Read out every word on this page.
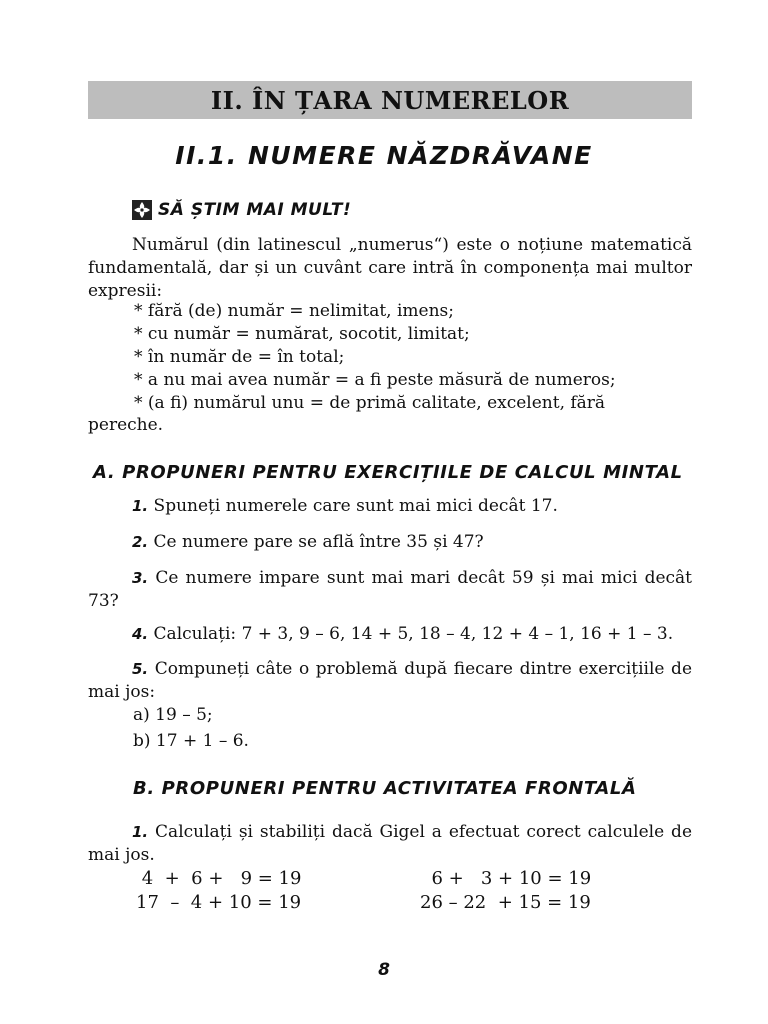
II. ÎN ȚARA NUMERELOR
II.1. NUMERE NĂZDRĂVANE
SĂ ȘTIM MAI MULT!
Numărul (din latinescul „numerus“) este o noțiune matematică fundamentală, dar și un cuvânt care intră în componența mai multor expresii:
* fără (de) număr = nelimitat, imens;
* cu număr = numărat, socotit, limitat;
* în număr de = în total;
* a nu mai avea număr = a fi peste măsură de numeros;
* (a fi) numărul unu = de primă calitate, excelent, fără
pereche.
A. PROPUNERI PENTRU EXERCIȚIILE DE CALCUL MINTAL
1. Spuneți numerele care sunt mai mici decât 17.
2. Ce numere pare se află între 35 și 47?
3. Ce numere impare sunt mai mari decât 59 și mai mici decât 73?
4. Calculați: 7 + 3, 9 – 6, 14 + 5, 18 – 4, 12 + 4 – 1, 16 + 1 – 3.
5. Compuneți câte o problemă după fiecare dintre exercițiile de mai jos:
a) 19 – 5;
b) 17 + 1 – 6.
B. PROPUNERI PENTRU ACTIVITATEA FRONTALĂ
1. Calculați și stabiliți dacă Gigel a efectuat corect calculele de mai jos.
4  +  6 +   9 = 19
17  –  4 + 10 = 19
6 +   3 + 10 = 19
26 – 22  + 15 = 19
8
